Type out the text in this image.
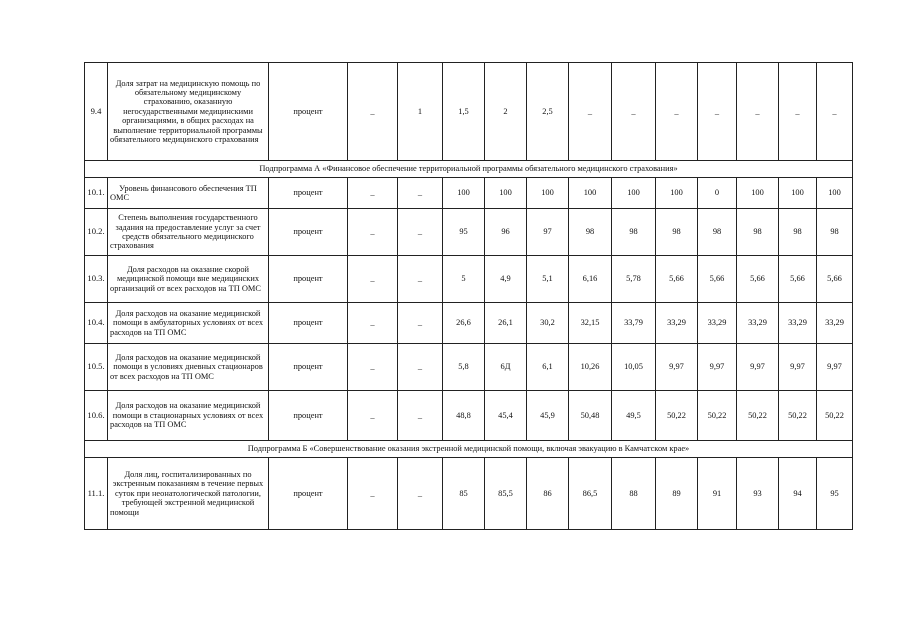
9.4	Доля затрат на медицинскую помощь по обязательному медицинскому страхованию, оказанную негосударственными медицинскими организациями, в общих расходах на выполнение территориальной программы обязательного медицинского страхования	процент	_	1	1,5	2	2,5	_	_	_	_	_	_	_
Подпрограмма А «Финансовое обеспечение территориальной программы обязательного медицинского страхования»														
10.1.	Уровень финансового обеспечения ТП ОМС	процент	_	_	100	100	100	100	100	100	0	100	100	100
10.2.	Степень выполнения государственного задания на предоставление услуг за счет средств обязательного медицинского страхования	процент	_	_	95	96	97	98	98	98	98	98	98	98
10.3.	Доля расходов на оказание скорой медицинской помощи вне медицинских организаций от всех расходов на ТП ОМС	процент	_	_	5	4,9	5,1	6,16	5,78	5,66	5,66	5,66	5,66	5,66
10.4.	Доля расходов на оказание медицинской помощи в амбулаторных условиях от всех расходов на ТП ОМС	процент	_	_	26,6	26,1	30,2	32,15	33,79	33,29	33,29	33,29	33,29	33,29
10.5.	Доля расходов на оказание медицинской помощи в условиях дневных стационаров от всех расходов на ТП ОМС	процент	_	_	5,8	6Д	6,1	10,26	10,05	9,97	9,97	9,97	9,97	9,97
10.6.	Доля расходов на оказание медицинской помощи в стационарных условиях от всех расходов на ТП ОМС	процент	_	_	48,8	45,4	45,9	50,48	49,5	50,22	50,22	50,22	50,22	50,22
Подпрограмма Б «Совершенствование оказания экстренной медицинской помощи, включая эвакуацию в Камчатском крае»														
11.1.	Доля лиц, госпитализированных по экстренным показаниям в течение первых суток при неонатологической патологии, требующей экстренной медицинской помощи	процент	_	_	85	85,5	86	86,5	88	89	91	93	94	95
